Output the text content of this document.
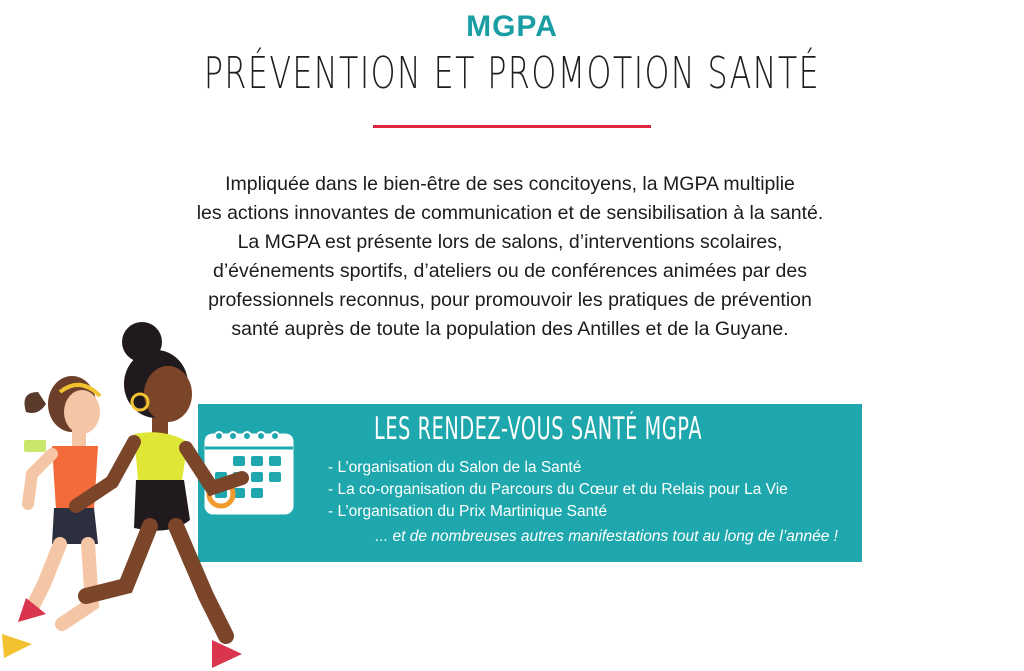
MGPA
PRÉVENTION ET PROMOTION SANTÉ

Impliquée dans le bien-être de ses concitoyens, la MGPA multiplie

les actions innovantes de communication et de sensibilisation à la santé.

La MGPA est présente lors de salons, d’interventions scolaires,

d’événements sportifs, d’ateliers ou de conférences animées par des

professionnels reconnus, pour promouvoir les pratiques de prévention

santé auprès de toute la population des Antilles et de la Guyane.

LES RENDEZ-VOUS SANTÉ MGPA
- L’organisation du Salon de la Santé
- La co-organisation du Parcours du Cœur et du Relais pour La Vie
- L’organisation du Prix Martinique Santé
... et de nombreuses autres manifestations tout au long de l’année !
